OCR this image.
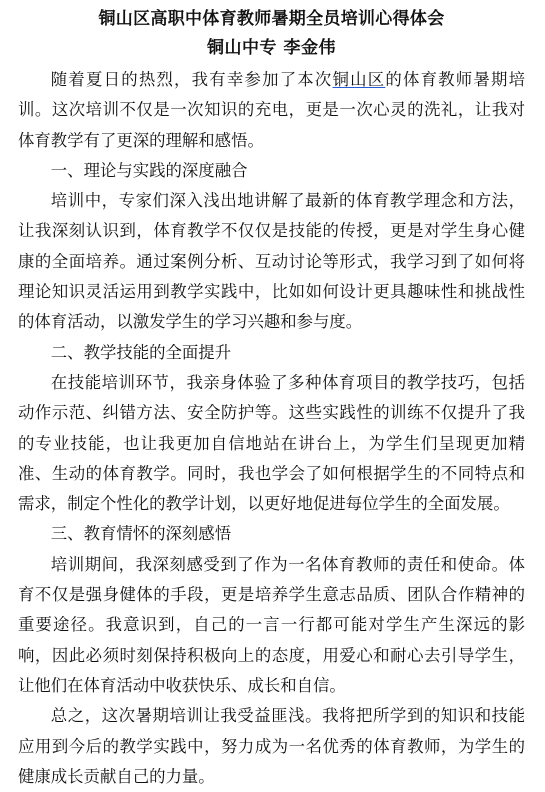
铜山区高职中体育教师暑期全员培训心得体会

铜山中专 李金伟

随着夏日的热烈，我有幸参加了本次铜山区的体育教师暑期培训。这次培训不仅是一次知识的充电，更是一次心灵的洗礼，让我对体育教学有了更深的理解和感悟。

一、理论与实践的深度融合

培训中，专家们深入浅出地讲解了最新的体育教学理念和方法，让我深刻认识到，体育教学不仅仅是技能的传授，更是对学生身心健康的全面培养。通过案例分析、互动讨论等形式，我学习到了如何将理论知识灵活运用到教学实践中，比如如何设计更具趣味性和挑战性的体育活动，以激发学生的学习兴趣和参与度。

二、教学技能的全面提升

在技能培训环节，我亲身体验了多种体育项目的教学技巧，包括动作示范、纠错方法、安全防护等。这些实践性的训练不仅提升了我的专业技能，也让我更加自信地站在讲台上，为学生们呈现更加精准、生动的体育教学。同时，我也学会了如何根据学生的不同特点和需求，制定个性化的教学计划，以更好地促进每位学生的全面发展。

三、教育情怀的深刻感悟

培训期间，我深刻感受到了作为一名体育教师的责任和使命。体育不仅是强身健体的手段，更是培养学生意志品质、团队合作精神的重要途径。我意识到，自己的一言一行都可能对学生产生深远的影响，因此必须时刻保持积极向上的态度，用爱心和耐心去引导学生，让他们在体育活动中收获快乐、成长和自信。

总之，这次暑期培训让我受益匪浅。我将把所学到的知识和技能应用到今后的教学实践中，努力成为一名优秀的体育教师，为学生的健康成长贡献自己的力量。
